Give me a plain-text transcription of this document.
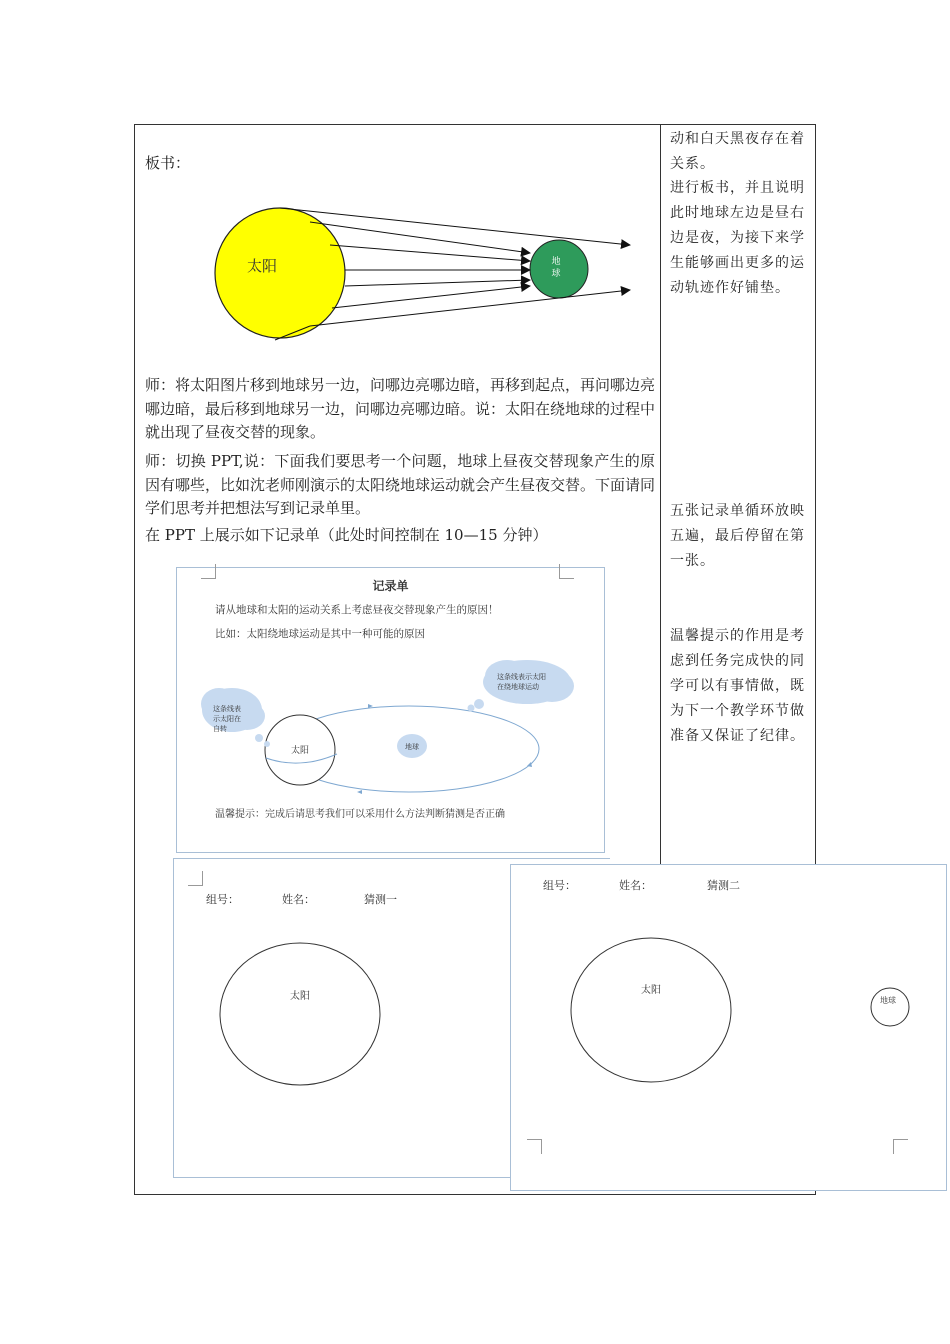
动和白天黑夜存在着
关系。
进行板书，并且说明
此时地球左边是昼右
边是夜，为接下来学
生能够画出更多的运
动轨迹作好铺垫。
五张记录单循环放映
五遍，最后停留在第
一张。
温馨提示的作用是考
虑到任务完成快的同
学可以有事情做，既
为下一个教学环节做
准备又保证了纪律。
板书：
太阳	地
球
师：将太阳图片移到地球另一边，问哪边亮哪边暗，再移到起点，再问哪边亮哪边暗，最后移到地球另一边，问哪边亮哪边暗。说：太阳在绕地球的过程中就出现了昼夜交替的现象。
师：切换 PPT,说：下面我们要思考一个问题，地球上昼夜交替现象产生的原因有哪些，比如沈老师刚演示的太阳绕地球运动就会产生昼夜交替。下面请同学们思考并把想法写到记录单里。
在 PPT 上展示如下记录单（此处时间控制在 10—15 分钟）
记录单
请从地球和太阳的运动关系上考虑昼夜交替现象产生的原因！
比如：太阳绕地球运动是其中一种可能的原因
这条线表
示太阳在
自转
这条线表示太阳
在绕地球运动
太阳	地球
温馨提示：完成后请思考我们可以采用什么方法判断猜测是否正确
组号：	姓名：	猜测一
太阳
组号：	姓名：	猜测二
太阳
地球
